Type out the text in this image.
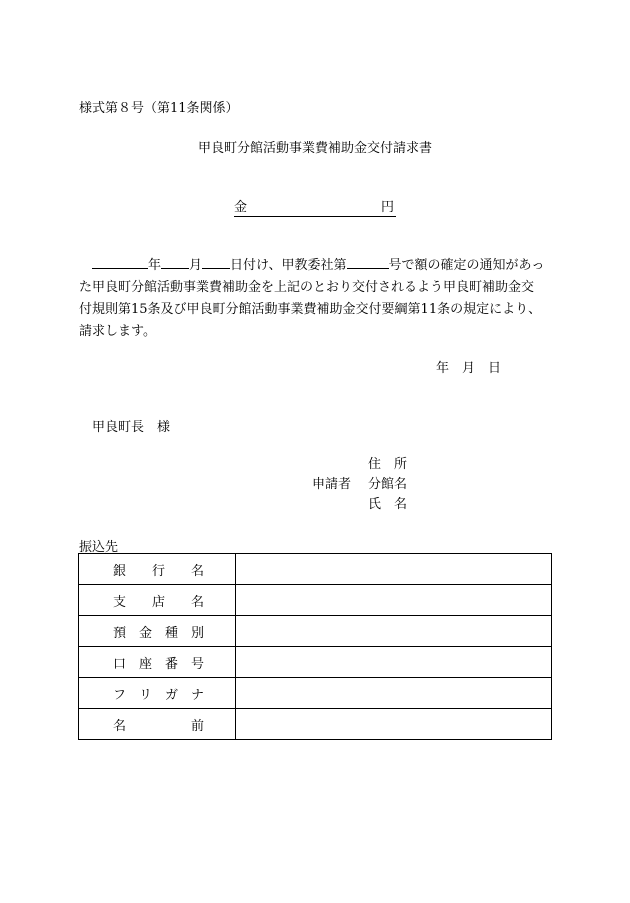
様式第８号（第11条関係）
甲良町分館活動事業費補助金交付請求書
金	円

年 月 日付け、甲教委社第	号で額の確定の通知があっ

た甲良町分館活動事業費補助金を上記のとおり交付されるよう甲良町補助金交

付規則第15条及び甲良町分館活動事業費補助金交付要綱第11条の規定により、

請求します。

年　月　日
甲良町長　様
住　所
申請者 分館名
氏　名
振込先
銀　　行　　名	
支　　店　　名	
預　金　種　別	
口　座　番　号	
フ　リ　ガ　ナ	
名　　　　　前	
